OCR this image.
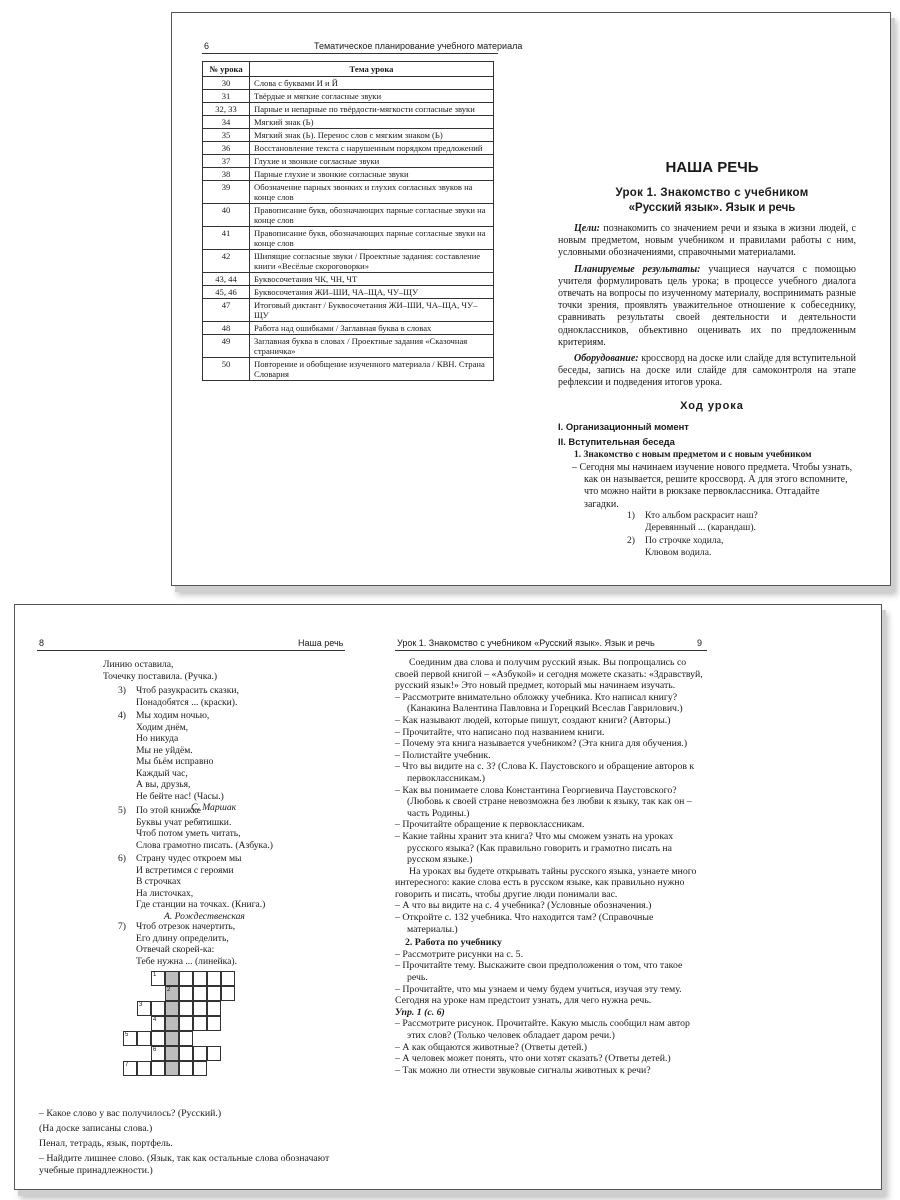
6	Тематическое планирование учебного материала
№ урока	Тема урока
30	Слова с буквами И и Й
31	Твёрдые и мягкие согласные звуки
32, 33	Парные и непарные по твёрдости-мягкости согласные звуки
34	Мягкий знак (Ь)
35	Мягкий знак (Ь). Перенос слов с мягким знаком (Ь)
36	Восстановление текста с нарушенным порядком предложений
37	Глухие и звонкие согласные звуки
38	Парные глухие и звонкие согласные звуки
39	Обозначение парных звонких и глухих согласных звуков на конце слов
40	Правописание букв, обозначающих парные согласные звуки на конце слов
41	Правописание букв, обозначающих парные согласные звуки на конце слов
42	Шипящие согласные звуки / Проектные задания: составление книги «Весёлые скороговорки»
43, 44	Буквосочетания ЧК, ЧН, ЧТ
45, 46	Буквосочетания ЖИ–ШИ, ЧА–ЩА, ЧУ–ЩУ
47	Итоговый диктант / Буквосочетания ЖИ–ШИ, ЧА–ЩА, ЧУ–ЩУ
48	Работа над ошибками / Заглавная буква в словах
49	Заглавная буква в словах / Проектные задания «Сказочная страничка»
50	Повторение и обобщение изученного материала / КВН. Страна Словария
НАША РЕЧЬ
Урок 1. Знакомство с учебником
«Русский язык». Язык и речь

Цели: познакомить со значением речи и языка в жизни людей, с новым предметом, новым учебником и правилами работы с ним, условными обозначениями, справочными материалами.

Планируемые результаты: учащиеся научатся с помощью учителя формулировать цель урока; в процессе учебного диалога отвечать на вопросы по изученному материалу, воспринимать разные точки зрения, проявлять уважительное отношение к собеседнику, сравнивать результаты своей деятельности и деятельности одноклассников, объективно оценивать их по предложенным критериям.

Оборудование: кроссворд на доске или слайде для вступительной беседы, запись на доске или слайде для самоконтроля на этапе рефлексии и подведения итогов урока.

Ход урока
I. Организационный момент
II. Вступительная беседа
1. Знакомство с новым предметом и с новым учебником

– Сегодня мы начинаем изучение нового предмета. Чтобы узнать, как он называется, решите кроссворд. А для этого вспомните, что можно найти в рюкзаке первоклассника. Отгадайте загадки.

1)	Кто альбом раскрасит наш?
Деревянный ... (карандаш).
2)	По строчке ходила,
Клювом водила.
8	Наша речь
Линию оставила,
Точечку поставила. (Ручка.)
3)	Чтоб разукрасить сказки,
Понадобятся ... (краски).
4)	Мы ходим ночью,
Ходим днём,
Но никуда
Мы не уйдём.
Мы бьём исправно
Каждый час,
А вы, друзья,
Не бейте нас! (Часы.)
С. Маршак
5)	По этой книжке
Буквы учат ребятишки.
Чтоб потом уметь читать,
Слова грамотно писать. (Азбука.)
6)	Страну чудес откроем мы
И встретимся с героями
В строчках
На листочках,
Где станции на точках. (Книга.)
А. Рождественская
7)	Чтоб отрезок начертить,
Его длину определить,
Отвечай скорей-ка:
Тебе нужна ... (линейка).
1
2
3
4
5
6
7

– Какое слово у вас получилось? (Русский.)

(На доске записаны слова.)

Пенал, тетрадь, язык, портфель.

– Найдите лишнее слово. (Язык, так как остальные слова обозначают учебные принадлежности.)

Урок 1. Знакомство с учебником «Русский язык». Язык и речь	9

Соединим два слова и получим русский язык. Вы попрощались со своей первой книгой – «Азбукой» и сегодня можете сказать: «Здравствуй, русский язык!» Это новый предмет, который мы начинаем изучать.

– Рассмотрите внимательно обложку учебника. Кто написал книгу? (Канакина Валентина Павловна и Горецкий Всеслав Гаврилович.)

– Как называют людей, которые пишут, создают книги? (Авторы.)

– Прочитайте, что написано под названием книги.

– Почему эта книга называется учебником? (Эта книга для обучения.)

– Полистайте учебник.

– Что вы видите на с. 3? (Слова К. Паустовского и обращение авторов к первоклассникам.)

– Как вы понимаете слова Константина Георгиевича Паустовского? (Любовь к своей стране невозможна без любви к языку, так как он – часть Родины.)

– Прочитайте обращение к первоклассникам.

– Какие тайны хранит эта книга? Что мы сможем узнать на уроках русского языка? (Как правильно говорить и грамотно писать на русском языке.)

На уроках вы будете открывать тайны русского языка, узнаете много интересного: какие слова есть в русском языке, как правильно нужно говорить и писать, чтобы другие люди понимали вас.

– А что вы видите на с. 4 учебника? (Условные обозначения.)

– Откройте с. 132 учебника. Что находится там? (Справочные материалы.)

2. Работа по учебнику

– Рассмотрите рисунки на с. 5.

– Прочитайте тему. Выскажите свои предположения о том, что такое речь.

– Прочитайте, что мы узнаем и чему будем учиться, изучая эту тему.

Сегодня на уроке нам предстоит узнать, для чего нужна речь.

Упр. 1 (с. 6)

– Рассмотрите рисунок. Прочитайте. Какую мысль сообщил нам автор этих слов? (Только человек обладает даром речи.)

– А как общаются животные? (Ответы детей.)

– А человек может понять, что они хотят сказать? (Ответы детей.)

– Так можно ли отнести звуковые сигналы животных к речи?
